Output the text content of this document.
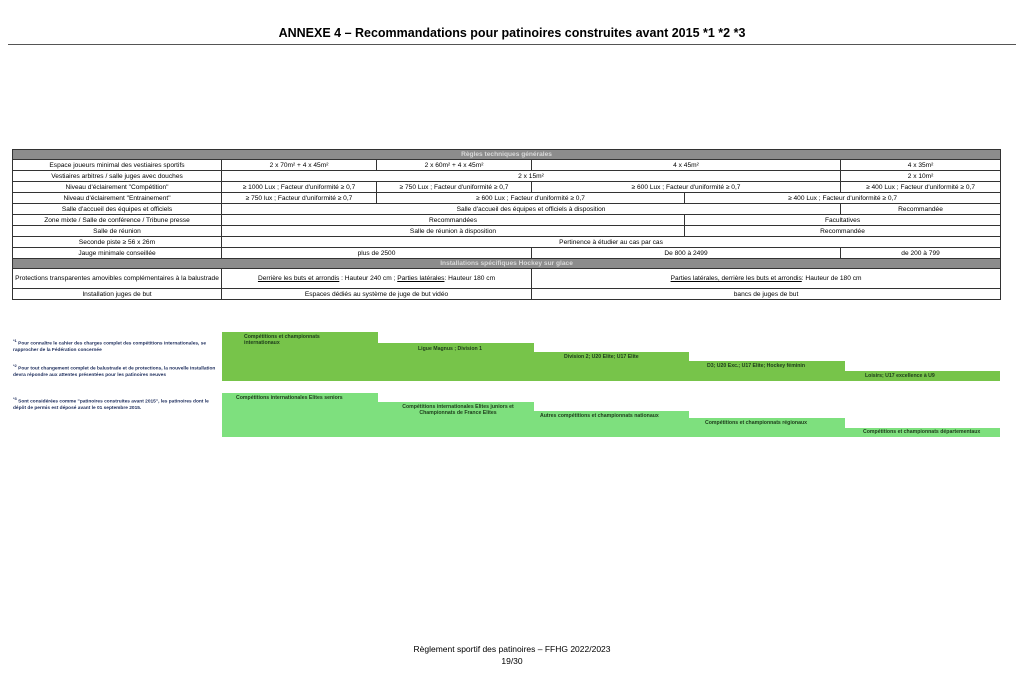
ANNEXE 4 – Recommandations pour patinoires construites avant 2015 *1 *2 *3
Règles techniques générales					
Espace joueurs minimal des vestiaires sportifs	2 x 70m² + 4 x 45m²	2 x 60m² + 4 x 45m²	4 x 45m²		4 x 35m²
Vestiaires arbitres / salle juges avec douches	2 x 15m²				2 x 10m²
Niveau d'éclairement "Compétition"	≥ 1000 Lux ; Facteur d'uniformité ≥ 0,7	≥ 750 Lux ; Facteur d'uniformité ≥ 0,7	≥ 600 Lux ; Facteur d'uniformité ≥ 0,7		≥ 400 Lux ; Facteur d'uniformité ≥ 0,7
Niveau d'éclairement "Entrainement"	≥ 750 lux ; Facteur d'uniformité ≥ 0,7	≥ 600 Lux ; Facteur d'uniformité ≥ 0,7		≥ 400 Lux ; Facteur d'uniformité ≥ 0,7	
Salle d'accueil des équipes et officiels	Salle d'accueil des équipes et officiels à disposition				Recommandée
Zone mixte / Salle de conférence / Tribune presse	Recommandées			Facultatives	
Salle de réunion	Salle de réunion à disposition			Recommandée	
Seconde piste ≥ 56 x 26m	Pertinence à étudier au cas par cas				
Jauge minimale conseillée	plus de 2500		De 800 à 2499		de 200 à 799
Installations spécifiques Hockey sur glace					
Protections transparentes amovibles complémentaires à la balustrade	Derrière les buts et arrondis : Hauteur 240 cm ; Parties latérales: Hauteur 180 cm		Parties latérales, derrière les buts et arrondis: Hauteur de 180 cm		
Installation juges de but	Espaces dédiés au système de juge de but vidéo		bancs de juges de but		
$^{*1}$ Pour connaître le cahier des charges complet des compétitions internationales, se rapprocher de la Fédération concernée
$^{*2}$ Pour tout changement complet de balustrade et de protections, la nouvelle installation devra répondre aux attentes présentées pour les patinoires neuves
$^{*3}$ Sont considérées comme "patinoires construites avant 2015", les patinoires dont le dépôt de permis est déposé avant le 01 septembre 2015.
Compétitions et championnats internationaux
Ligue Magnus ; Division 1
Division 2; U20 Elite; U17 Elite
D3; U20 Exc.; U17 Elite; Hockey féminin
Loisirs; U17 excellence à U9
Compétitions internationales Elites seniors
Compétitions internationales Elites juniors et Championnats de France Elites	Autres compétitions et championnats nationaux
Compétitions et championnats régionaux
Compétitions et championnats départementaux
Règlement sportif des patinoires – FFHG 2022/2023
19/30
